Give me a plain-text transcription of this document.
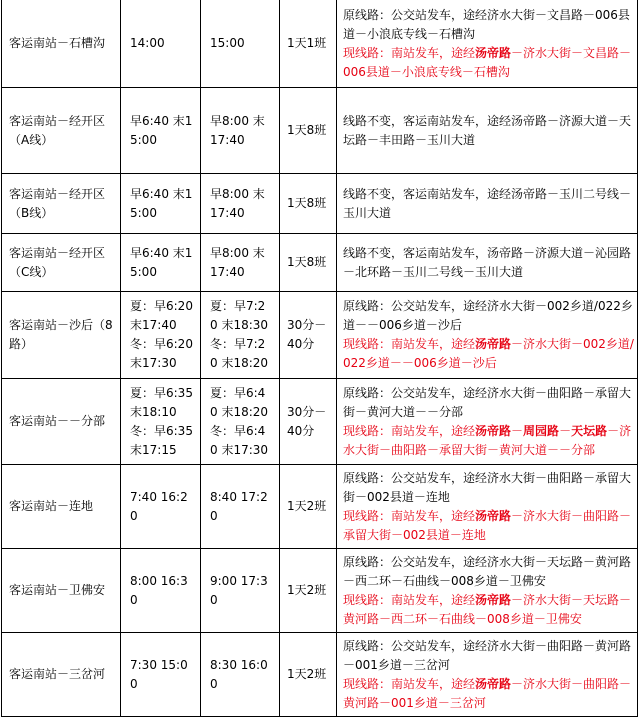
客运南站－石槽沟	14:00	15:00	1天1班	原线路：公交站发车，途经济水大街－文昌路－006县道－小浪底专线－石槽沟
现线路：南站发车，途经汤帝路－济水大街－文昌路－006县道－小浪底专线－石槽沟

客运南站－经开区（A线）	早6:40 末15:00	早8:00 末17:40	1天8班	线路不变，客运南站发车，途经汤帝路－济源大道－天坛路－丰田路－玉川大道

客运南站－经开区（B线）	早6:40 末15:00	早8:00 末17:40	1天8班	线路不变，客运南站发车，途经汤帝路－玉川二号线－玉川大道

客运南站－经开区（C线）	早6:40 末15:00	早8:00 末17:40	1天8班	线路不变，客运南站发车，汤帝路－济源大道－沁园路－北环路－玉川二号线－玉川大道

客运南站－沙后（8路）	夏：早6:20 末17:40 冬：早6:20 末17:30	夏：早7:20 末18:30 冬：早7:20 末18:20	30分－40分	原线路：公交站发车，途经济水大街－002乡道/022乡道－－006乡道－沙后
现线路：南站发车，途经汤帝路－济水大街－002乡道/022乡道－－006乡道－沙后

客运南站－－分部	夏：早6:35 末18:10 冬：早6:35 末17:15	夏：早6:40 末18:20 冬：早6:40 末17:30	30分－40分	原线路：公交站发车，途经济水大街－曲阳路－承留大街－黄河大道－－分部
现线路：南站发车，途经汤帝路－周园路－天坛路－济水大街－曲阳路－承留大街－黄河大道－－分部

客运南站－连地	7:40 16:20	8:40 17:20	1天2班	原线路：公交站发车，途经济水大街－曲阳路－承留大街－002县道－连地
现线路：南站发车，途经汤帝路－济水大街－曲阳路－承留大街－002县道－连地

客运南站－卫佛安	8:00 16:30	9:00 17:30	1天2班	原线路：公交站发车，途经济水大街－天坛路－黄河路－西二环－石曲线－008乡道－卫佛安
现线路：南站发车，途经汤帝路－济水大街－天坛路－黄河路－西二环－石曲线－008乡道－卫佛安

客运南站－三岔河	7:30 15:00	8:30 16:00	1天2班	原线路：公交站发车，途经济水大街－曲阳路－黄河路－001乡道－三岔河
现线路：南站发车，途经汤帝路－济水大街－曲阳路－黄河路－001乡道－三岔河
